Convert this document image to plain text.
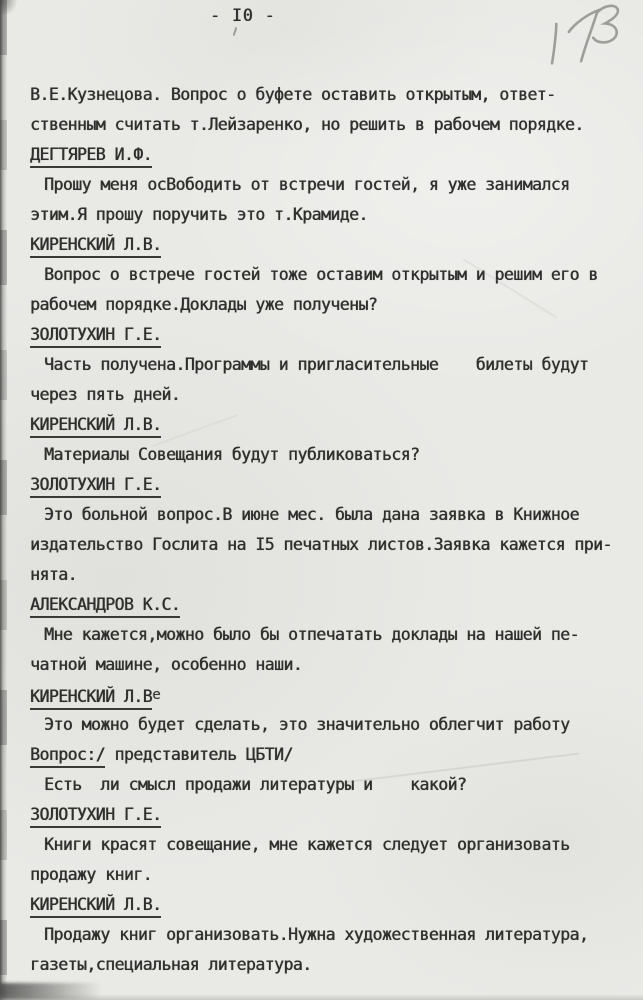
- I0 -
В.Е.Кузнецова. Вопрос о буфете оставить открытым, ответ-
ственным считать т.Лейзаренко, но решить в рабочем порядке.
ДЕГТЯРЕВ И.Ф.
Прошу меня осВободить от встречи гостей, я уже занимался
этим.Я прошу поручить это т.Крамиде.
КИРЕНСКИЙ Л.В.
Вопрос о встрече гостей тоже оставим открытым и решим его в
рабочем порядке.Доклады уже получены?
ЗОЛОТУХИН Г.Е.
Часть получена.Программы и пригласительные    билеты будут
через пять дней.
КИРЕНСКИЙ Л.В.
Материалы Совещания будут публиковаться?
ЗОЛОТУХИН Г.Е.
Это больной вопрос.В июне мес. была дана заявка в Книжное
издательство Гослита на I5 печатных листов.Заявка кажется при-
нята.
АЛЕКСАНДРОВ К.С.
Мне кажется,можно было бы отпечатать доклады на нашей пе-
чатной машине, особенно наши.
КИРЕНСКИЙ Л.Ве
Это можно будет сделать, это значительно облегчит работу
Вопрос:/ представитель ЦБТИ/
Есть  ли смысл продажи литературы и    какой?
ЗОЛОТУХИН Г.Е.
Книги красят совещание, мне кажется следует организовать
продажу книг.
КИРЕНСКИЙ Л.В.
Продажу книг организовать.Нужна художественная литература,
газеты,специальная литература.
